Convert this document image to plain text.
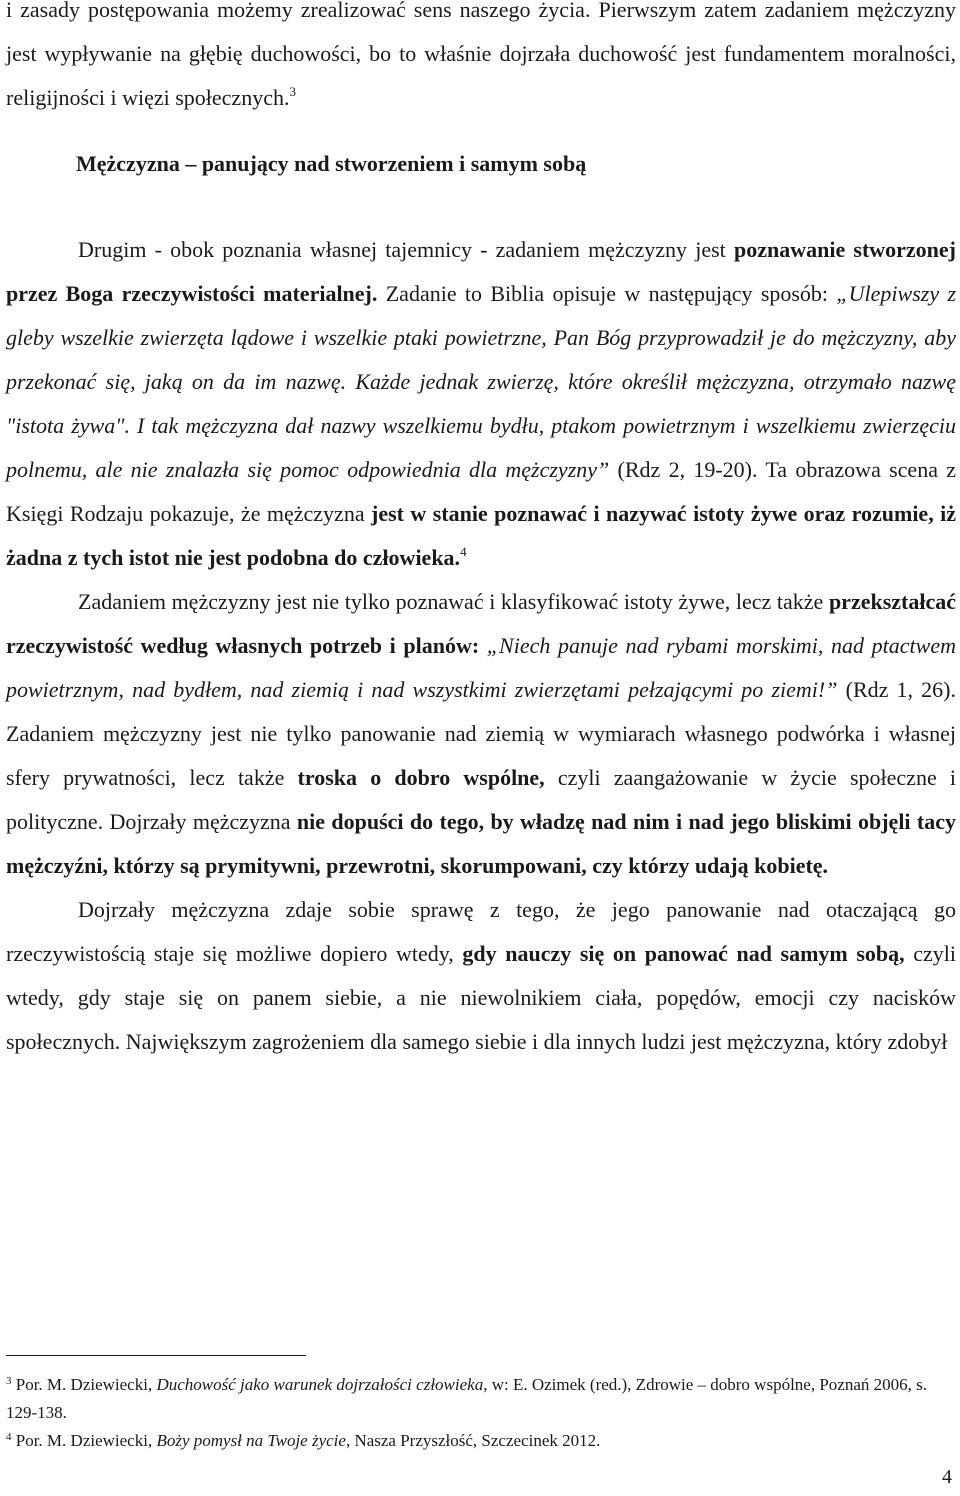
i zasady postępowania możemy zrealizować sens naszego życia. Pierwszym zatem zadaniem mężczyzny jest wypływanie na głębię duchowości, bo to właśnie dojrzała duchowość jest fundamentem moralności, religijności i więzi społecznych.$^3$

Mężczyzna – panujący nad stworzeniem i samym sobą

Drugim - obok poznania własnej tajemnicy - zadaniem mężczyzny jest poznawanie stworzonej przez Boga rzeczywistości materialnej. Zadanie to Biblia opisuje w następujący sposób: „Ulepiwszy z gleby wszelkie zwierzęta lądowe i wszelkie ptaki powietrzne, Pan Bóg przyprowadził je do mężczyzny, aby przekonać się, jaką on da im nazwę. Każde jednak zwierzę, które określił mężczyzna, otrzymało nazwę "istota żywa". I tak mężczyzna dał nazwy wszelkiemu bydłu, ptakom powietrznym i wszelkiemu zwierzęciu polnemu, ale nie znalazła się pomoc odpowiednia dla mężczyzny” (Rdz 2, 19-20). Ta obrazowa scena z Księgi Rodzaju pokazuje, że mężczyzna jest w stanie poznawać i nazywać istoty żywe oraz rozumie, iż żadna z tych istot nie jest podobna do człowieka.$^4$

Zadaniem mężczyzny jest nie tylko poznawać i klasyfikować istoty żywe, lecz także przekształcać rzeczywistość według własnych potrzeb i planów: „Niech panuje nad rybami morskimi, nad ptactwem powietrznym, nad bydłem, nad ziemią i nad wszystkimi zwierzętami pełzającymi po ziemi!” (Rdz 1, 26). Zadaniem mężczyzny jest nie tylko panowanie nad ziemią w wymiarach własnego podwórka i własnej sfery prywatności, lecz także troska o dobro wspólne, czyli zaangażowanie w życie społeczne i polityczne. Dojrzały mężczyzna nie dopuści do tego, by władzę nad nim i nad jego bliskimi objęli tacy mężczyźni, którzy są prymitywni, przewrotni, skorumpowani, czy którzy udają kobietę.

Dojrzały mężczyzna zdaje sobie sprawę z tego, że jego panowanie nad otaczającą go rzeczywistością staje się możliwe dopiero wtedy, gdy nauczy się on panować nad samym sobą, czyli wtedy, gdy staje się on panem siebie, a nie niewolnikiem ciała, popędów, emocji czy nacisków społecznych. Największym zagrożeniem dla samego siebie i dla innych ludzi jest mężczyzna, który zdobył

$^3$ Por. M. Dziewiecki, Duchowość jako warunek dojrzałości człowieka, w: E. Ozimek (red.), Zdrowie – dobro wspólne, Poznań 2006, s. 129-138.

$^4$ Por. M. Dziewiecki, Boży pomysł na Twoje życie, Nasza Przyszłość, Szczecinek 2012.

4
